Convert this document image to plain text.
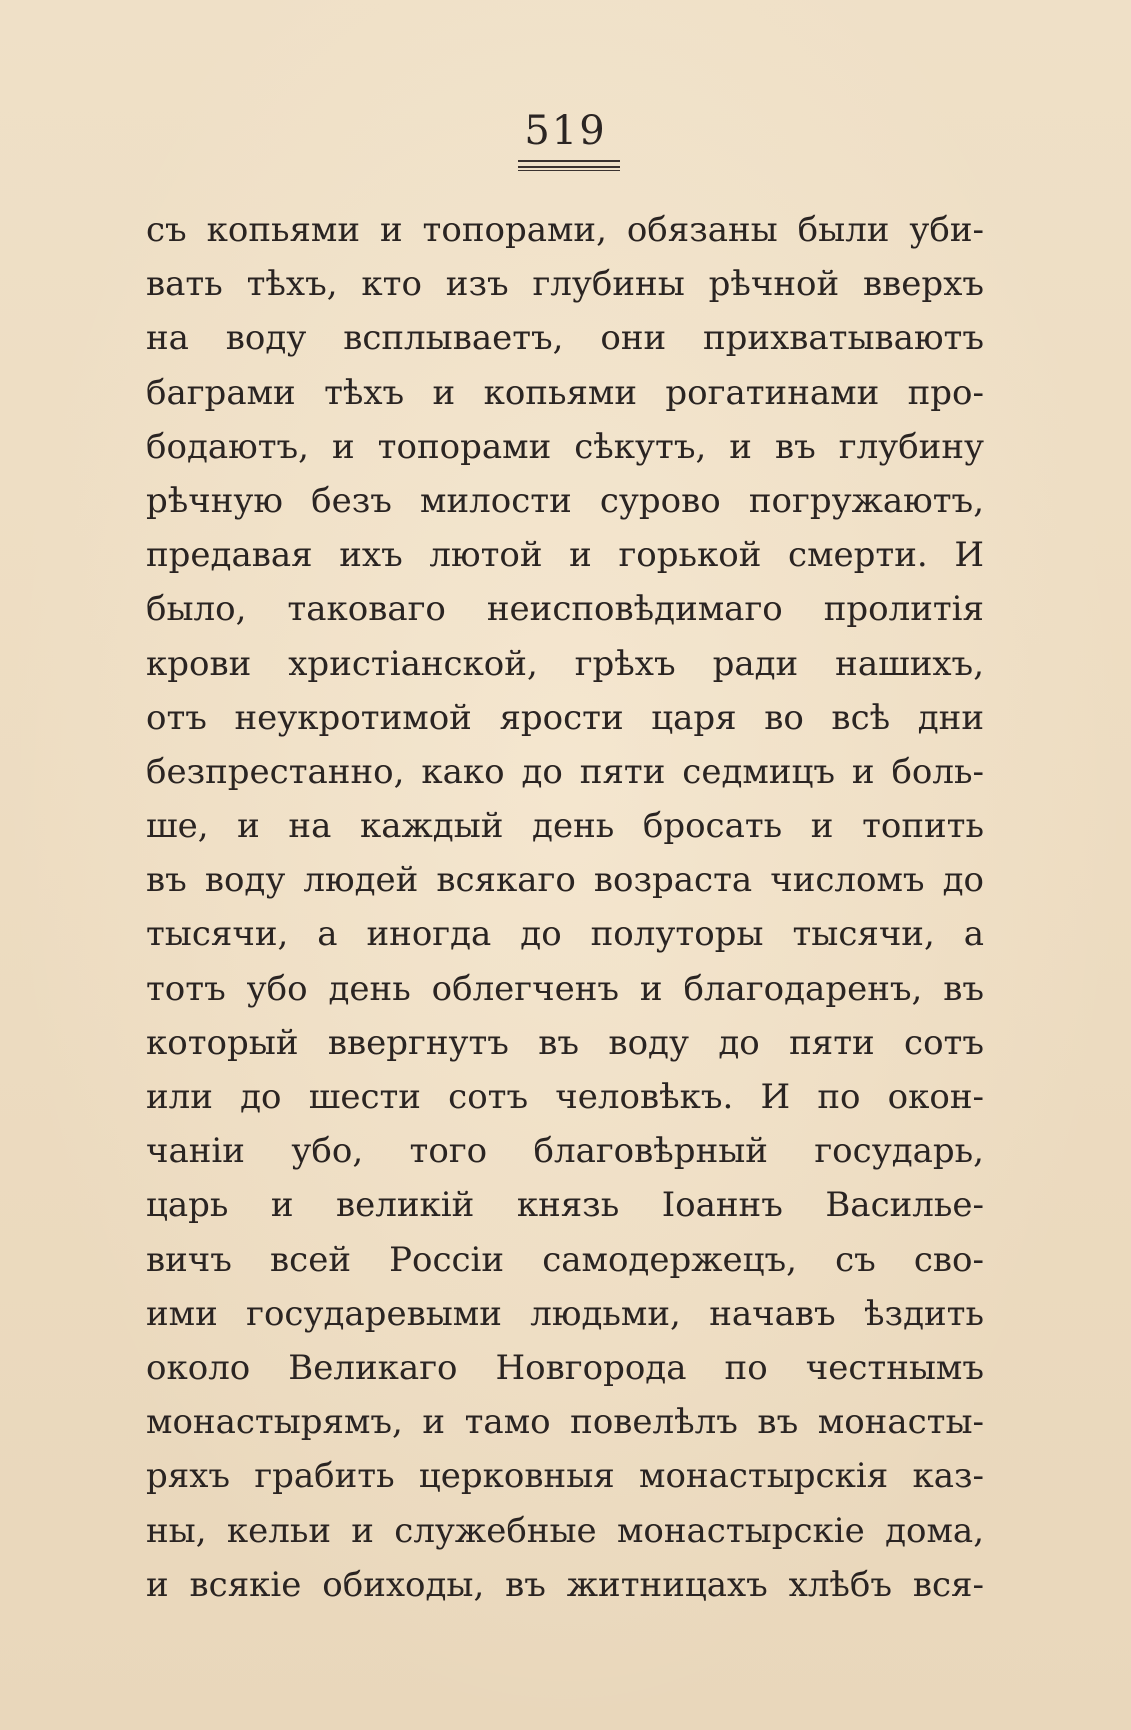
519
съ копьями и топорами, обязаны были уби-
вать тѣхъ, кто изъ глубины рѣчной вверхъ
на воду всплываетъ, они прихватываютъ
баграми тѣхъ и копьями рогатинами про-
бодаютъ, и топорами сѣкутъ, и въ глубину
рѣчную безъ милости сурово погружаютъ,
предавая ихъ лютой и горькой смерти. И
было, таковаго неисповѣдимаго пролитія
крови христіанской, грѣхъ ради нашихъ,
отъ неукротимой ярости царя во всѣ дни
безпрестанно, како до пяти седмицъ и боль-
ше, и на каждый день бросать и топить
въ воду людей всякаго возраста числомъ до
тысячи, а иногда до полуторы тысячи, а
тотъ убо день облегченъ и благодаренъ, въ
который ввергнутъ въ воду до пяти сотъ
или до шести сотъ человѣкъ. И по окон-
чаніи убо, того благовѣрный государь,
царь и великій князь Іоаннъ Василье-
вичъ всей Россіи самодержецъ, съ сво-
ими государевыми людьми, начавъ ѣздить
около Великаго Новгорода по честнымъ
монастырямъ, и тамо повелѣлъ въ монасты-
ряхъ грабить церковныя монастырскія каз-
ны, кельи и служебные монастырскіе дома,
и всякіе обиходы, въ житницахъ хлѣбъ вся-
